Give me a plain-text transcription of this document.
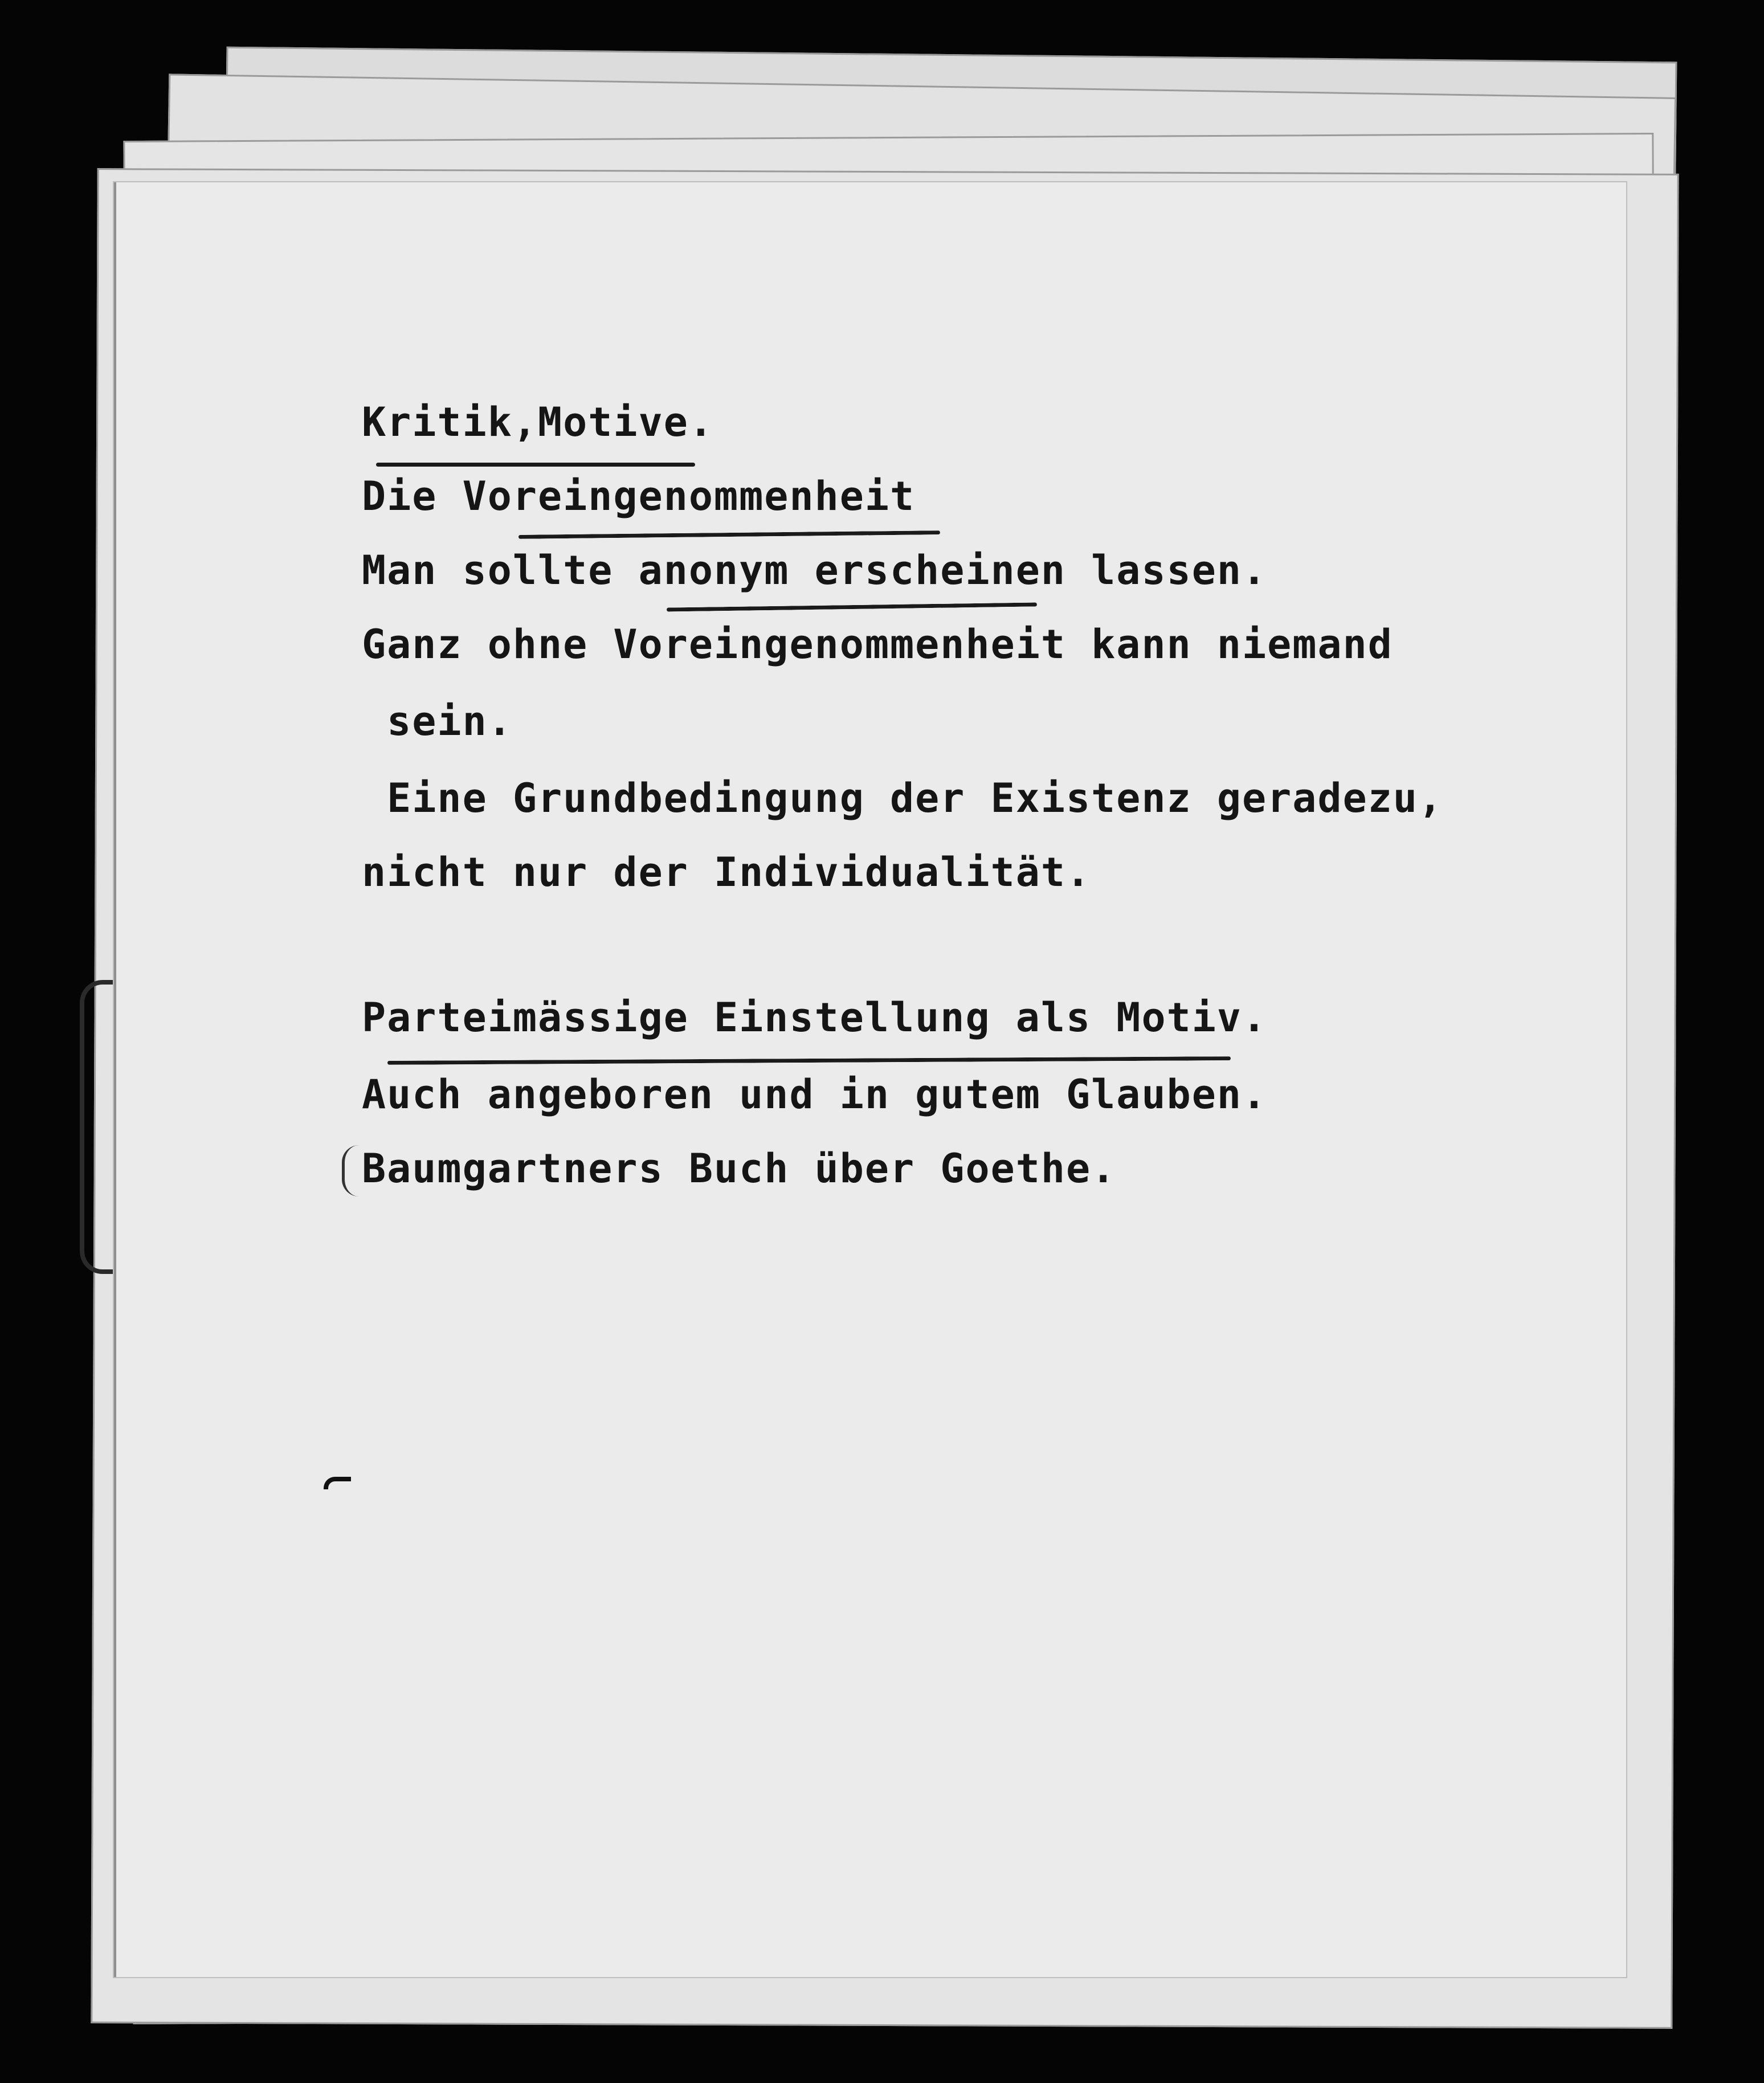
Kritik,Motive.
Die Voreingenommenheit
Man sollte anonym erscheinen lassen.
Ganz ohne Voreingenommenheit kann niemand
sein.
Eine Grundbedingung der Existenz geradezu,
nicht nur der Individualität.
Parteimässige Einstellung als Motiv.
Auch angeboren und in gutem Glauben.
Baumgartners Buch über Goethe.
